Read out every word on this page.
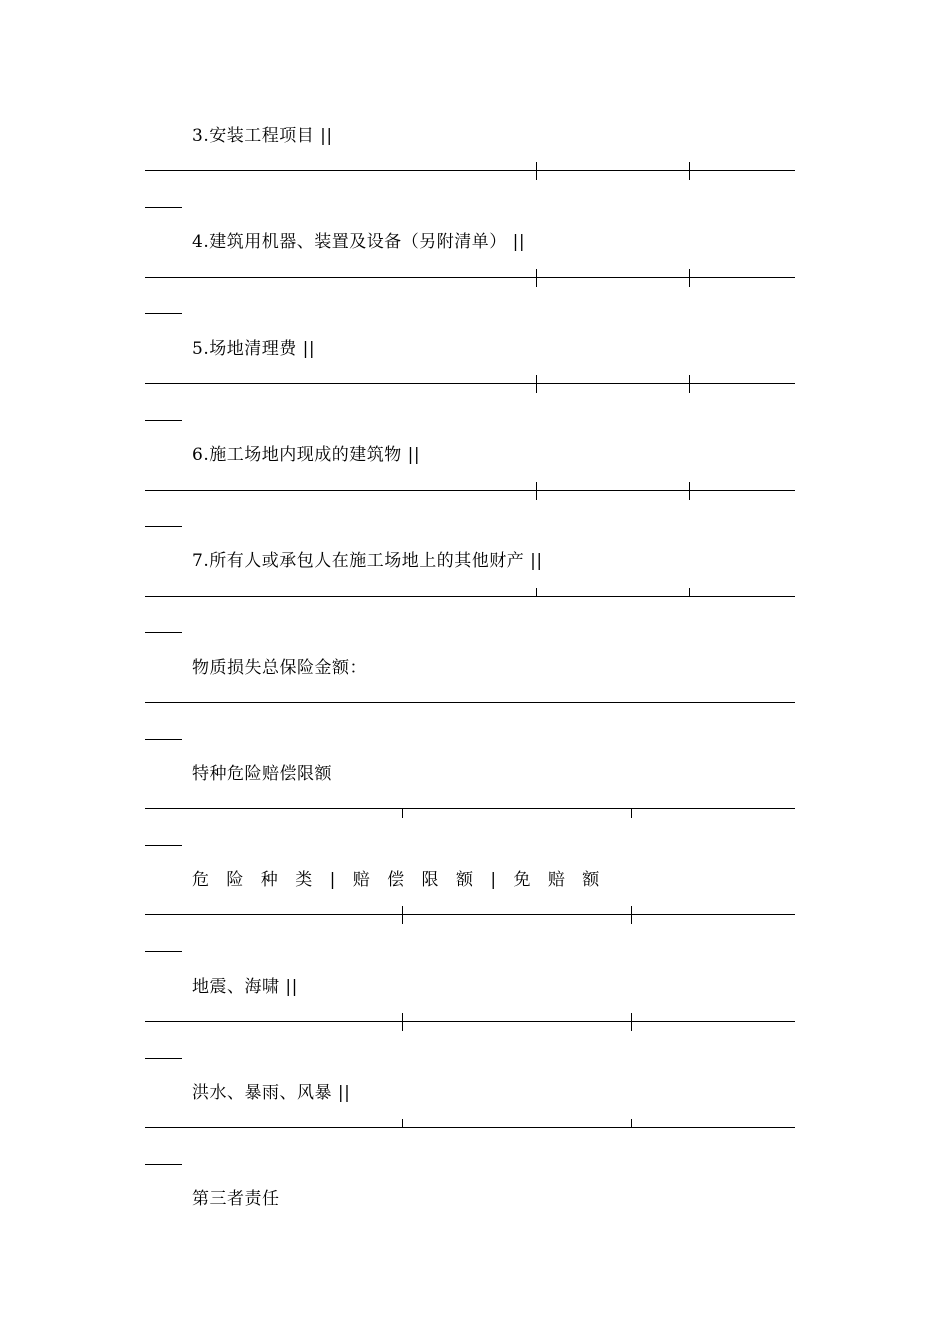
3.安装工程项目 ||

4.建筑用机器、装置及设备（另附清单） ||

5.场地清理费 ||

6.施工场地内现成的建筑物 ||

7.所有人或承包人在施工场地上的其他财产 ||

物质损失总保险金额：

特种危险赔偿限额

危 险 种 类 | 赔 偿 限 额 | 免 赔 额

地震、海啸 ||

洪水、暴雨、风暴 ||

第三者责任
